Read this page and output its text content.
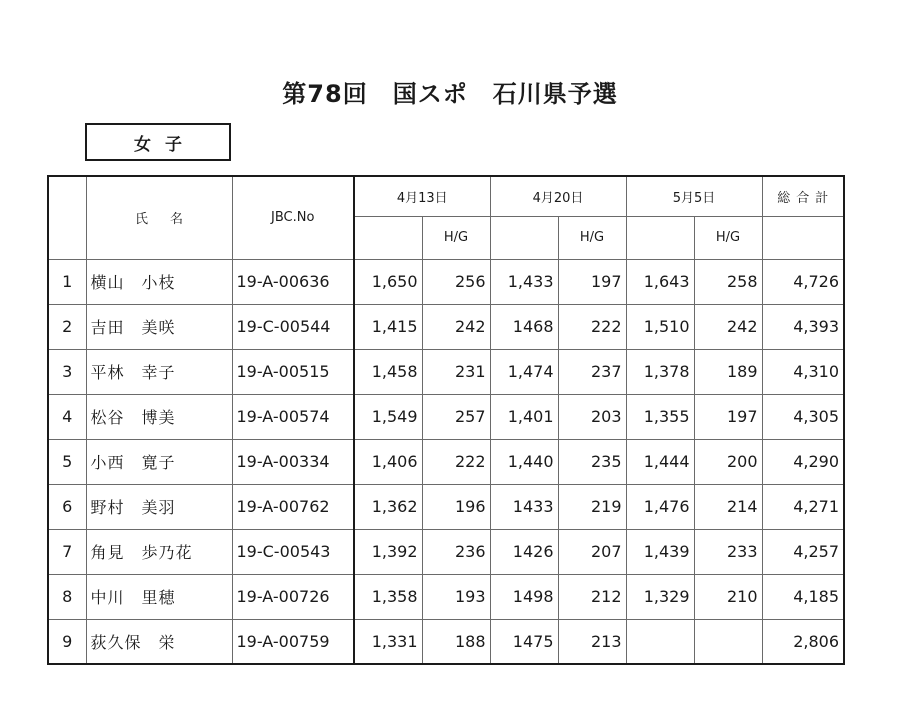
第78回　国スポ　石川県予選
女子
	氏名	JBC.No	4月13日		4月20日		5月5日		総合計
				H/G		H/G		H/G	
1	横山　小枝	19-A-00636	1,650	256	1,433	197	1,643	258	4,726
2	吉田　美咲	19-C-00544	1,415	242	1468	222	1,510	242	4,393
3	平林　幸子	19-A-00515	1,458	231	1,474	237	1,378	189	4,310
4	松谷　博美	19-A-00574	1,549	257	1,401	203	1,355	197	4,305
5	小西　寛子	19-A-00334	1,406	222	1,440	235	1,444	200	4,290
6	野村　美羽	19-A-00762	1,362	196	1433	219	1,476	214	4,271
7	角見　歩乃花	19-C-00543	1,392	236	1426	207	1,439	233	4,257
8	中川　里穂	19-A-00726	1,358	193	1498	212	1,329	210	4,185
9	荻久保　栄	19-A-00759	1,331	188	1475	213			2,806
